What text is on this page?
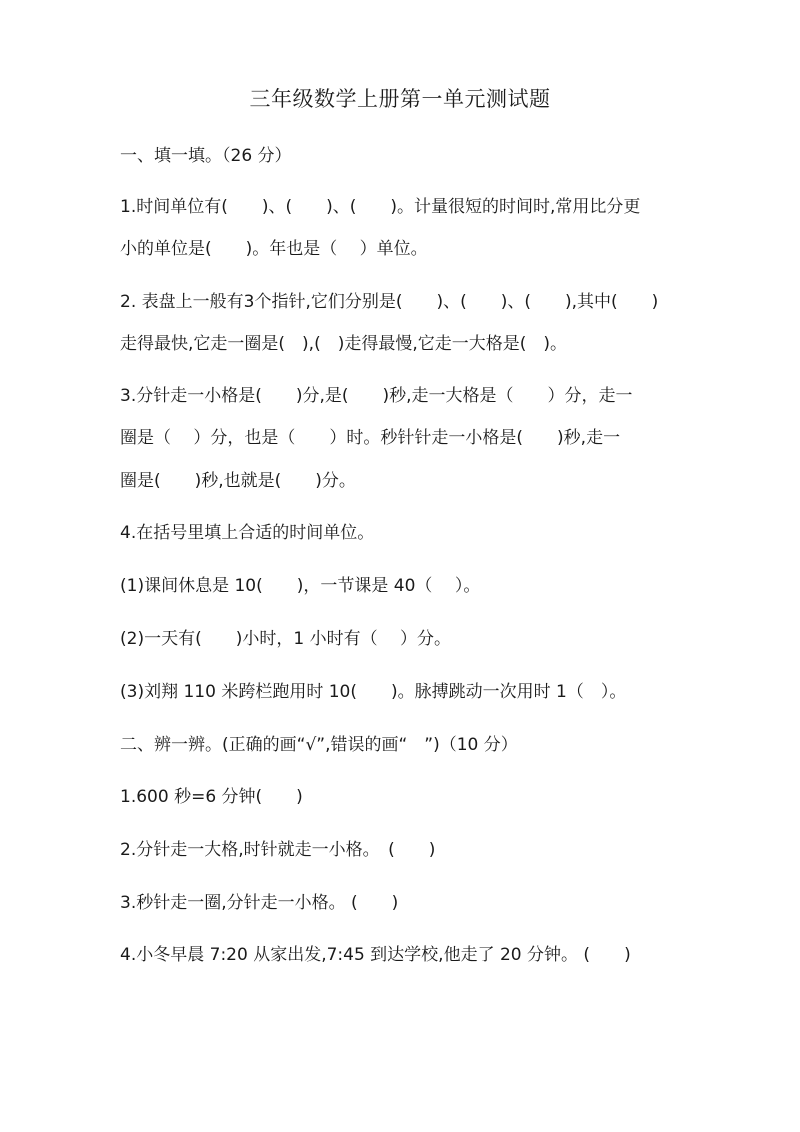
三年级数学上册第一单元测试题
一、填一填。（26 分）
1.时间单位有(　　)、(　　)、(　　)。计量很短的时间时,常用比分更
小的单位是(　　)。年也是（　 ）单位。
2. 表盘上一般有3个指针,它们分别是(　　)、(　　)、(　　),其中(　　)
走得最快,它走一圈是(　),(　)走得最慢,它走一大格是(　)。
3.分针走一小格是(　　)分,是(　　)秒,走一大格是（　　）分，走一
圈是（　 ）分，也是（　　）时。秒针针走一小格是(　　)秒,走一
圈是(　　)秒,也就是(　　)分。
4.在括号里填上合适的时间单位。
(1)课间休息是 10(　　)，一节课是 40（　 ）。
(2)一天有(　　)小时，1 小时有（　 ）分。
(3)刘翔 110 米跨栏跑用时 10(　　)。脉搏跳动一次用时 1（　）。
二、辨一辨。(正确的画“√”,错误的画“　”)（10 分）
1.600 秒=6 分钟(　　)
2.分针走一大格,时针就走一小格。　(　　)
3.秒针走一圈,分针走一小格。 (　　)
4.小冬早晨 7:20 从家出发,7:45 到达学校,他走了 20 分钟。 (　　)
